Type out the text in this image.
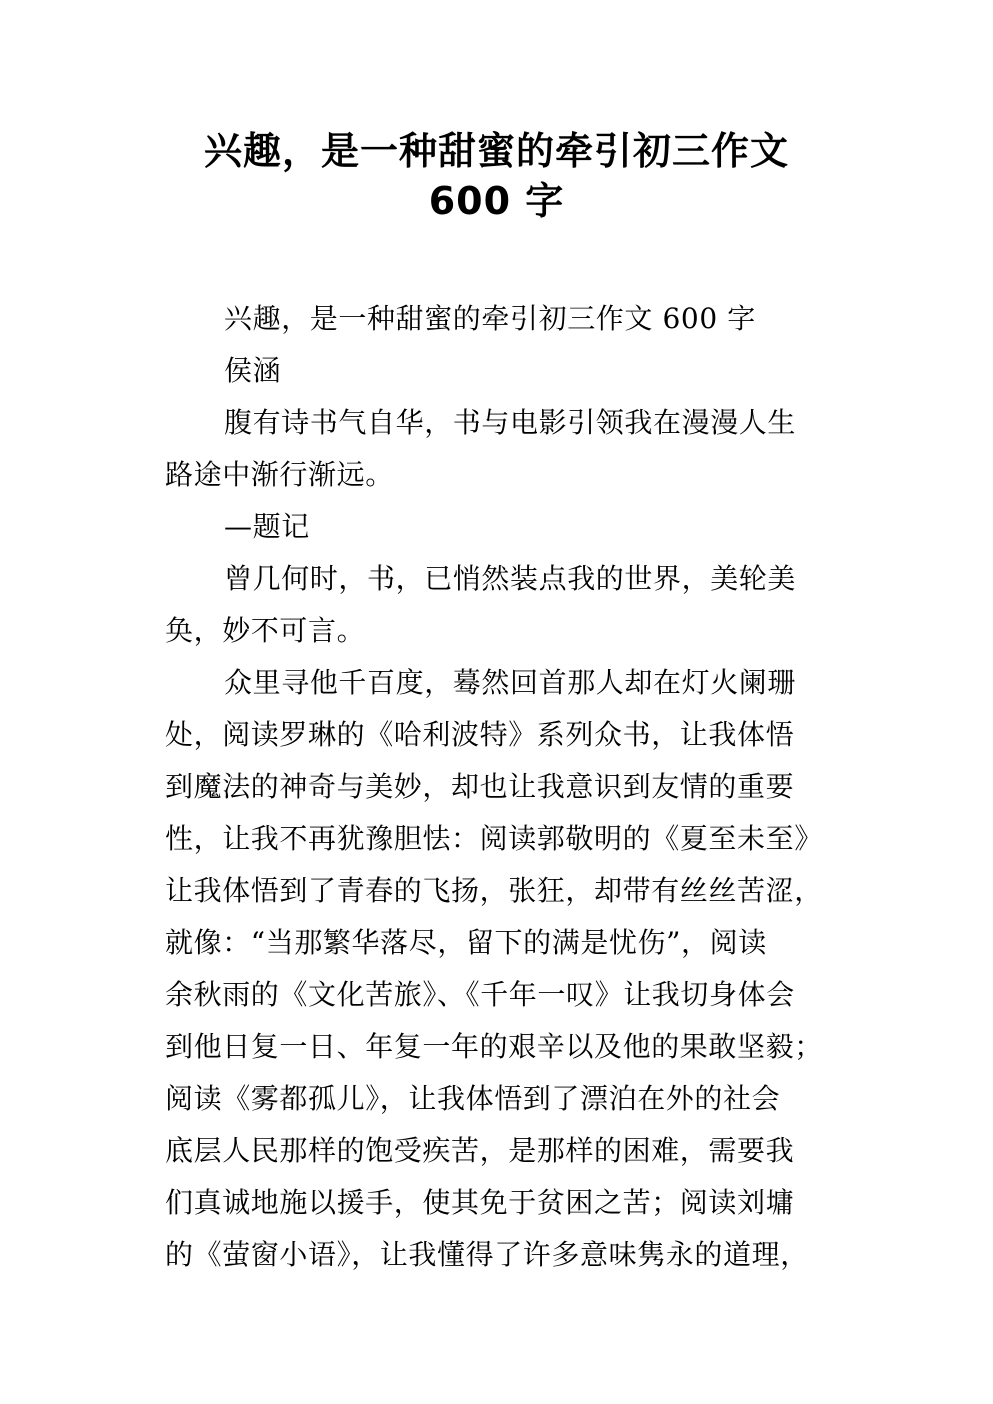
兴趣，是一种甜蜜的牵引初三作文
600 字
兴趣，是一种甜蜜的牵引初三作文 600 字
侯涵
腹有诗书气自华，书与电影引领我在漫漫人生
路途中渐行渐远。
—题记
曾几何时，书，已悄然装点我的世界，美轮美
奂，妙不可言。
众里寻他千百度，蓦然回首那人却在灯火阑珊
处，阅读罗琳的《哈利波特》系列众书，让我体悟
到魔法的神奇与美妙，却也让我意识到友情的重要
性，让我不再犹豫胆怯：阅读郭敬明的《夏至未至》
让我体悟到了青春的飞扬，张狂，却带有丝丝苦涩，
就像：“当那繁华落尽，留下的满是忧伤”，阅读
余秋雨的《文化苦旅》、《千年一叹》让我切身体会
到他日复一日、年复一年的艰辛以及他的果敢坚毅；
阅读《雾都孤儿》，让我体悟到了漂泊在外的社会
底层人民那样的饱受疾苦，是那样的困难，需要我
们真诚地施以援手，使其免于贫困之苦；阅读刘墉
的《萤窗小语》，让我懂得了许多意味隽永的道理，
